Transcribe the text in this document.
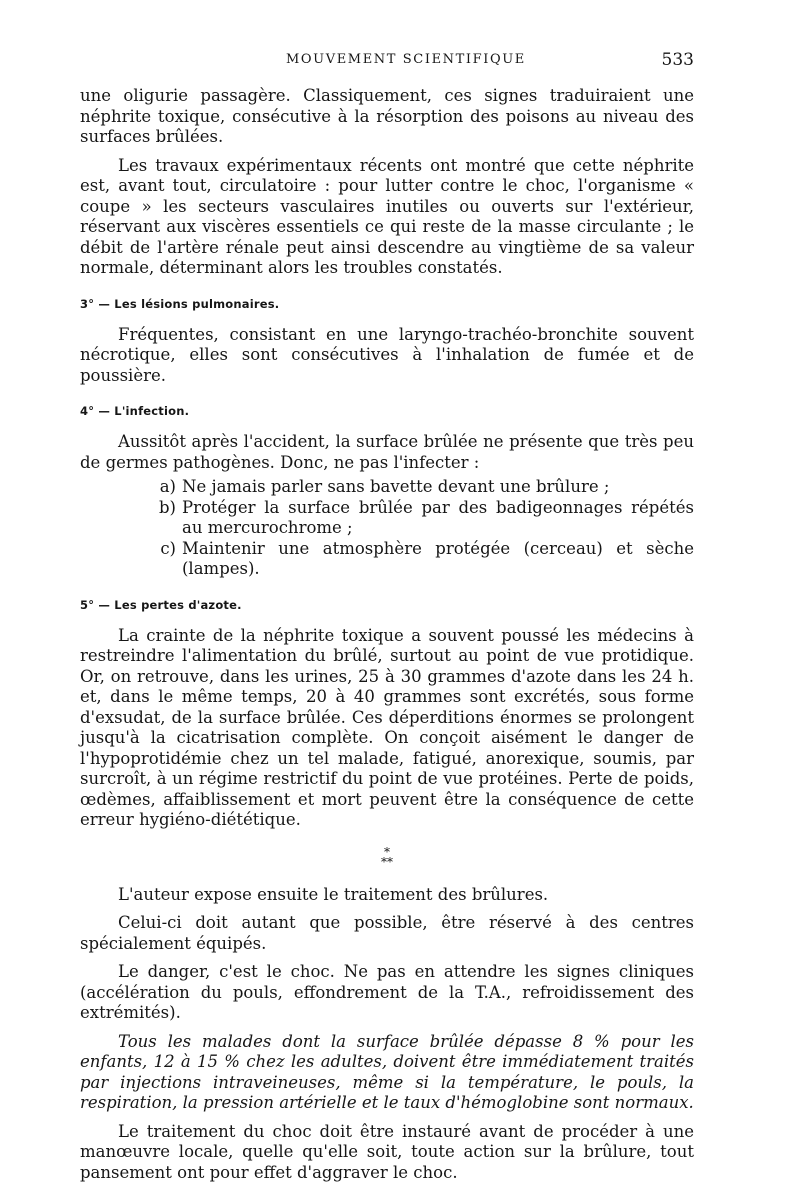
MOUVEMENT SCIENTIFIQUE	533

une oligurie passagère. Classiquement, ces signes traduiraient une néphrite toxique, consécutive à la résorption des poisons au niveau des surfaces brûlées.

Les travaux expérimentaux récents ont montré que cette néphrite est, avant tout, circulatoire : pour lutter contre le choc, l'organisme « coupe » les secteurs vasculaires inutiles ou ouverts sur l'extérieur, réservant aux viscères essentiels ce qui reste de la masse circulante ; le débit de l'artère rénale peut ainsi descendre au vingtième de sa valeur normale, déterminant alors les troubles constatés.

3° — Les lésions pulmonaires.

Fréquentes, consistant en une laryngo-trachéo-bronchite souvent nécrotique, elles sont consécutives à l'inhalation de fumée et de poussière.

4° — L'infection.

Aussitôt après l'accident, la surface brûlée ne présente que très peu de germes pathogènes. Donc, ne pas l'infecter :

a) Ne jamais parler sans bavette devant une brûlure ;
b) Protéger la surface brûlée par des badigeonnages répétés au mercurochrome ;
c) Maintenir une atmosphère protégée (cerceau) et sèche (lampes).
5° — Les pertes d'azote.

La crainte de la néphrite toxique a souvent poussé les médecins à restreindre l'alimentation du brûlé, surtout au point de vue protidique. Or, on retrouve, dans les urines, 25 à 30 grammes d'azote dans les 24 h. et, dans le même temps, 20 à 40 grammes sont excrétés, sous forme d'exsudat, de la surface brûlée. Ces déperditions énormes se prolongent jusqu'à la cicatrisation complète. On conçoit aisément le danger de l'hypoprotidémie chez un tel malade, fatigué, anorexique, soumis, par surcroît, à un régime restrictif du point de vue protéines. Perte de poids, œdèmes, affaiblissement et mort peuvent être la conséquence de cette erreur hygiéno-diététique.

*
**

L'auteur expose ensuite le traitement des brûlures.

Celui-ci doit autant que possible, être réservé à des centres spécialement équipés.

Le danger, c'est le choc. Ne pas en attendre les signes cliniques (accélération du pouls, effondrement de la T.A., refroidissement des extrémités).

Tous les malades dont la surface brûlée dépasse 8 % pour les enfants, 12 à 15 % chez les adultes, doivent être immédiatement traités par injections intraveineuses, même si la température, le pouls, la respiration, la pression artérielle et le taux d'hémoglobine sont normaux.

Le traitement du choc doit être instauré avant de procéder à une manœuvre locale, quelle qu'elle soit, toute action sur la brûlure, tout pansement ont pour effet d'aggraver le choc.
